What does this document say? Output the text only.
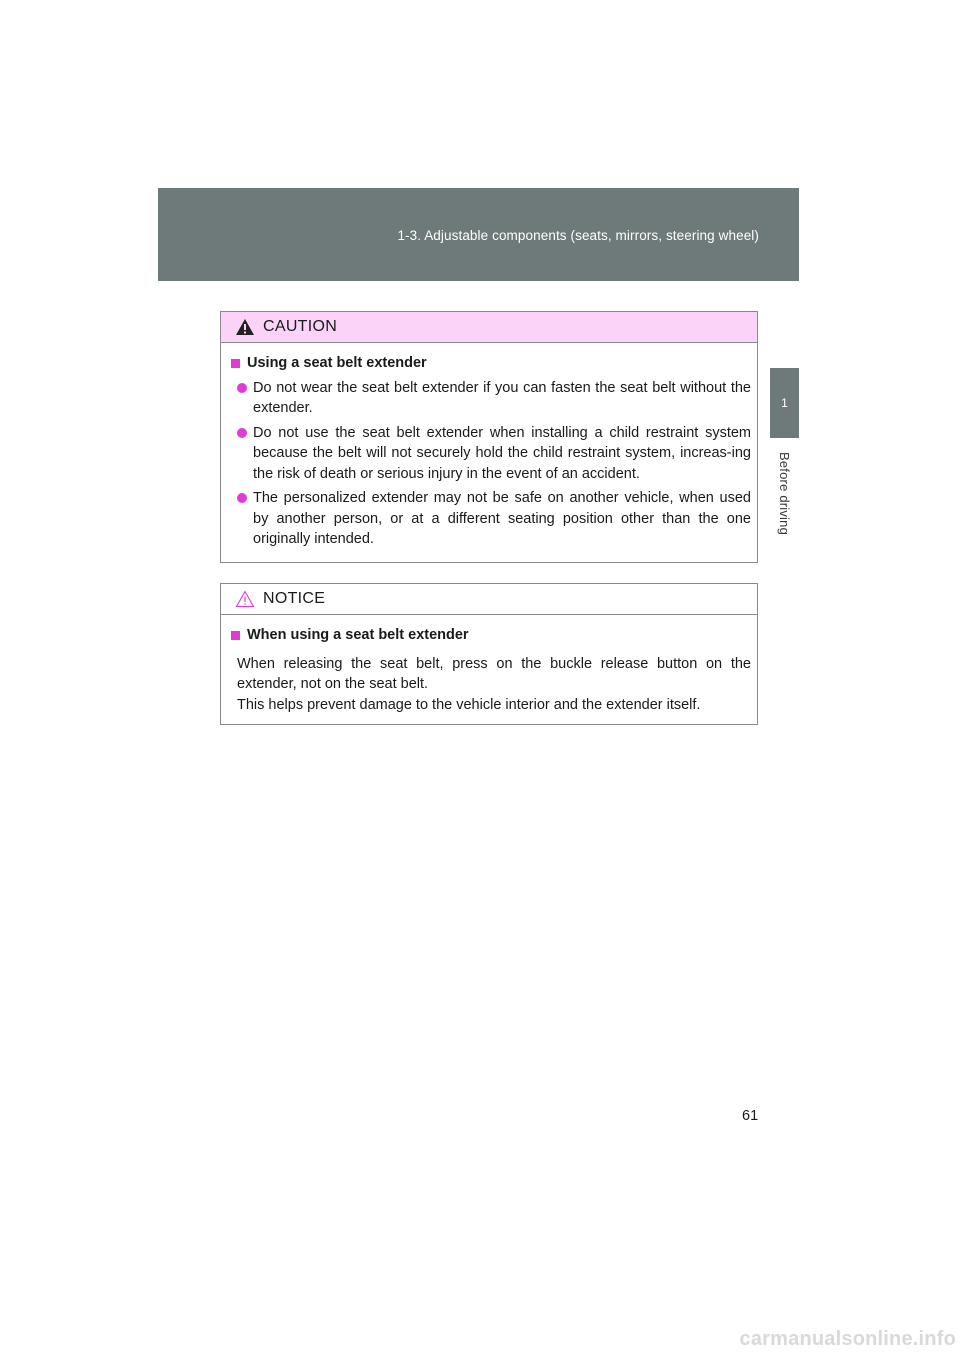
1-3. Adjustable components (seats, mirrors, steering wheel)
1
Before driving
CAUTION
Using a seat belt extender
Do not wear the seat belt extender if you can fasten the seat belt without the extender.
Do not use the seat belt extender when installing a child restraint system because the belt will not securely hold the child restraint system, increas-ing the risk of death or serious injury in the event of an accident.
The personalized extender may not be safe on another vehicle, when used by another person, or at a different seating position other than the one originally intended.
NOTICE
When using a seat belt extender
When releasing the seat belt, press on the buckle release button on the extender, not on the seat belt.
This helps prevent damage to the vehicle interior and the extender itself.
61
carmanualsonline.info
